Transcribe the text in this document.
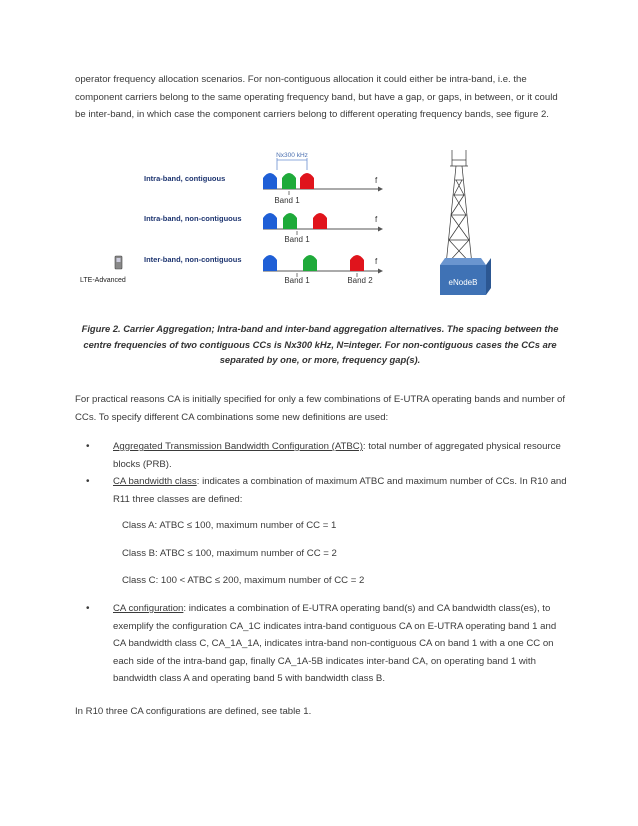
operator frequency allocation scenarios. For non-contiguous allocation it could either be intra-band, i.e. the component carriers belong to the same operating frequency band, but have a gap, or gaps, in between, or it could be inter-band, in which case the component carriers belong to different operating frequency bands, see figure 2.

Nx300 kHz
Intra-band, contiguous	f
Band 1
Intra-band, non-contiguous	f
Band 1
Inter-band, non-contiguous	f
Band 1	Band 2
LTE-Advanced	eNodeB

Figure 2. Carrier Aggregation; Intra-band and inter-band aggregation alternatives. The spacing between the centre frequencies of two contiguous CCs is Nx300 kHz, N=integer. For non-contiguous cases the CCs are separated by one, or more, frequency gap(s).

For practical reasons CA is initially specified for only a few combinations of E-UTRA operating bands and number of CCs. To specify different CA combinations some new definitions are used:

• Aggregated Transmission Bandwidth Configuration (ATBC): total number of aggregated physical resource blocks (PRB).
• CA bandwidth class: indicates a combination of maximum ATBC and maximum number of CCs. In R10 and R11 three classes are defined:

Class A: ATBC ≤ 100, maximum number of CC = 1

Class B: ATBC ≤ 100, maximum number of CC = 2

Class C: 100 < ATBC ≤ 200, maximum number of CC = 2

• CA configuration: indicates a combination of E-UTRA operating band(s) and CA bandwidth class(es), to exemplify the configuration CA_1C indicates intra-band contiguous CA on E-UTRA operating band 1 and CA bandwidth class C, CA_1A_1A, indicates intra-band non-contiguous CA on band 1 with a one CC on each side of the intra-band gap, finally CA_1A-5B indicates inter-band CA, on operating band 1 with bandwidth class A and operating band 5 with bandwidth class B.

In R10 three CA configurations are defined, see table 1.
